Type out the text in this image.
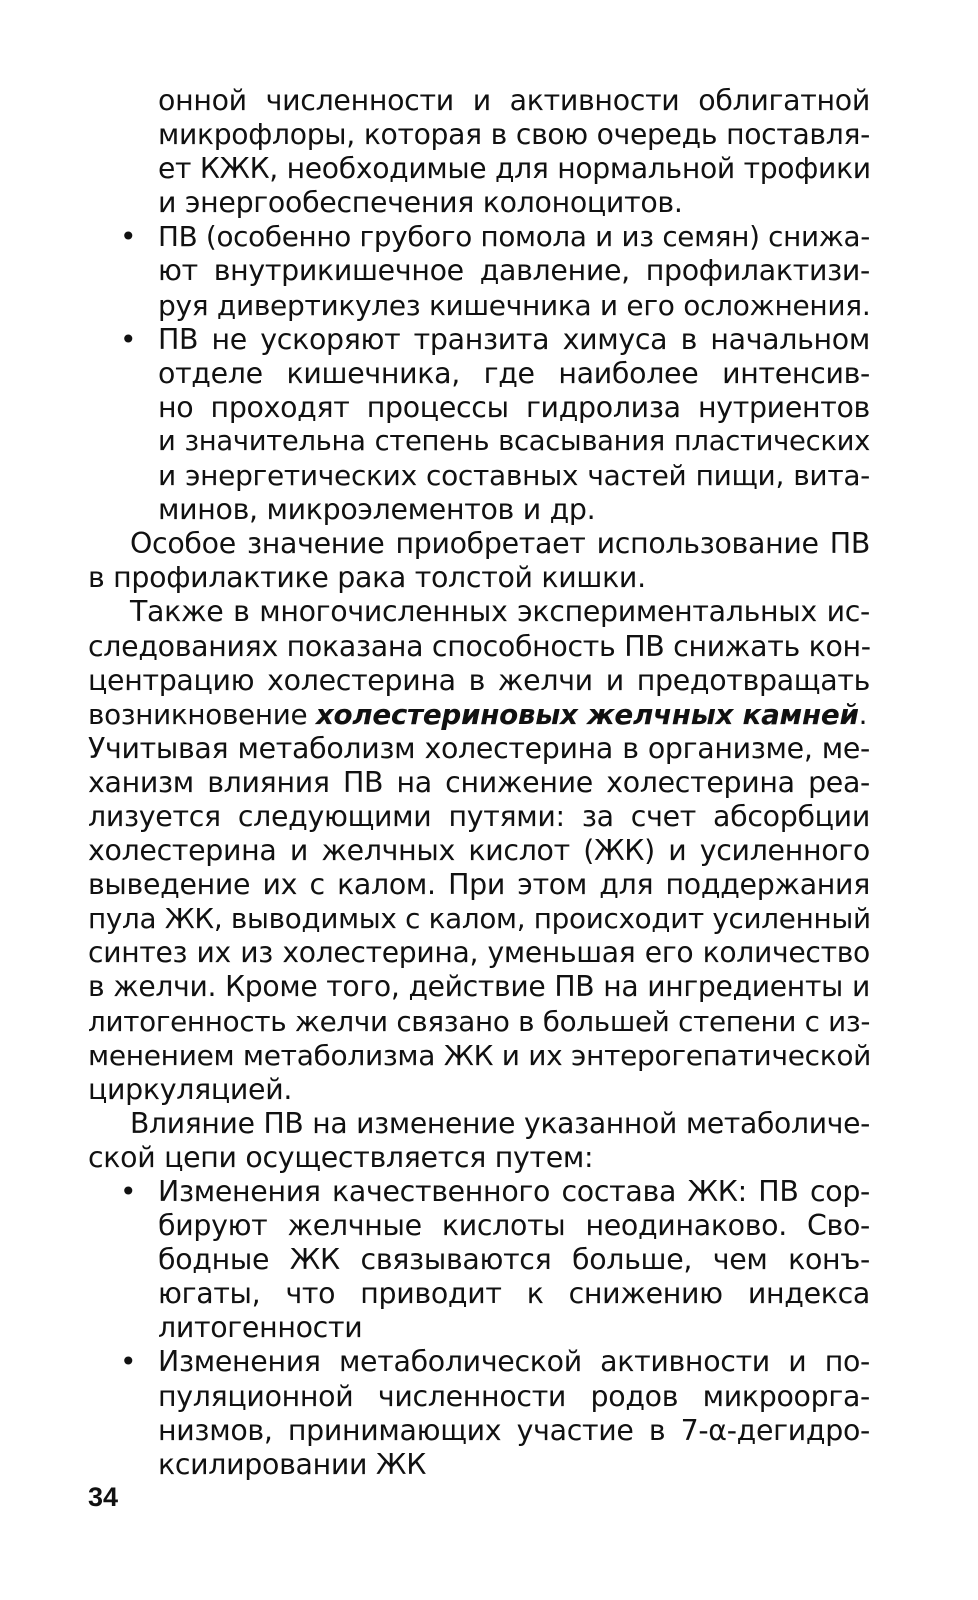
онной численности и активности облигатной
микрофлоры, которая в свою очередь поставля-
ет КЖК, необходимые для нормальной трофики
и энергообеспечения колоноцитов.
• ПВ (особенно грубого помола и из семян) снижа-
ют внутрикишечное давление, профилактизи-
руя дивертикулез кишечника и его осложнения.
• ПВ не ускоряют транзита химуса в начальном
отделе кишечника, где наиболее интенсив-
но проходят процессы гидролиза нутриентов
и значительна степень всасывания пластических
и энергетических составных частей пищи, вита-
минов, микроэлементов и др.
Особое значение приобретает использование ПВ
в профилактике рака толстой кишки.
Также в многочисленных экспериментальных ис-
следованиях показана способность ПВ снижать кон-
центрацию холестерина в желчи и предотвращать
возникновение холестериновых желчных камней.
Учитывая метаболизм холестерина в организме, ме-
ханизм влияния ПВ на снижение холестерина реа-
лизуется следующими путями: за счет абсорбции
холестерина и желчных кислот (ЖК) и усиленного
выведение их с калом. При этом для поддержания
пула ЖК, выводимых с калом, происходит усиленный
синтез их из холестерина, уменьшая его количество
в желчи. Кроме того, действие ПВ на ингредиенты и
литогенность желчи связано в большей степени с из-
менением метаболизма ЖК и их энтерогепатической
циркуляцией.
Влияние ПВ на изменение указанной метаболиче-
ской цепи осуществляется путем:
• Изменения качественного состава ЖК: ПВ сор-
бируют желчные кислоты неодинаково. Сво-
бодные ЖК связываются больше, чем конъ-
югаты, что приводит к снижению индекса
литогенности
• Изменения метаболической активности и по-
пуляционной численности родов микроорга-
низмов, принимающих участие в 7-α-дегидро-
ксилировании ЖК
34
